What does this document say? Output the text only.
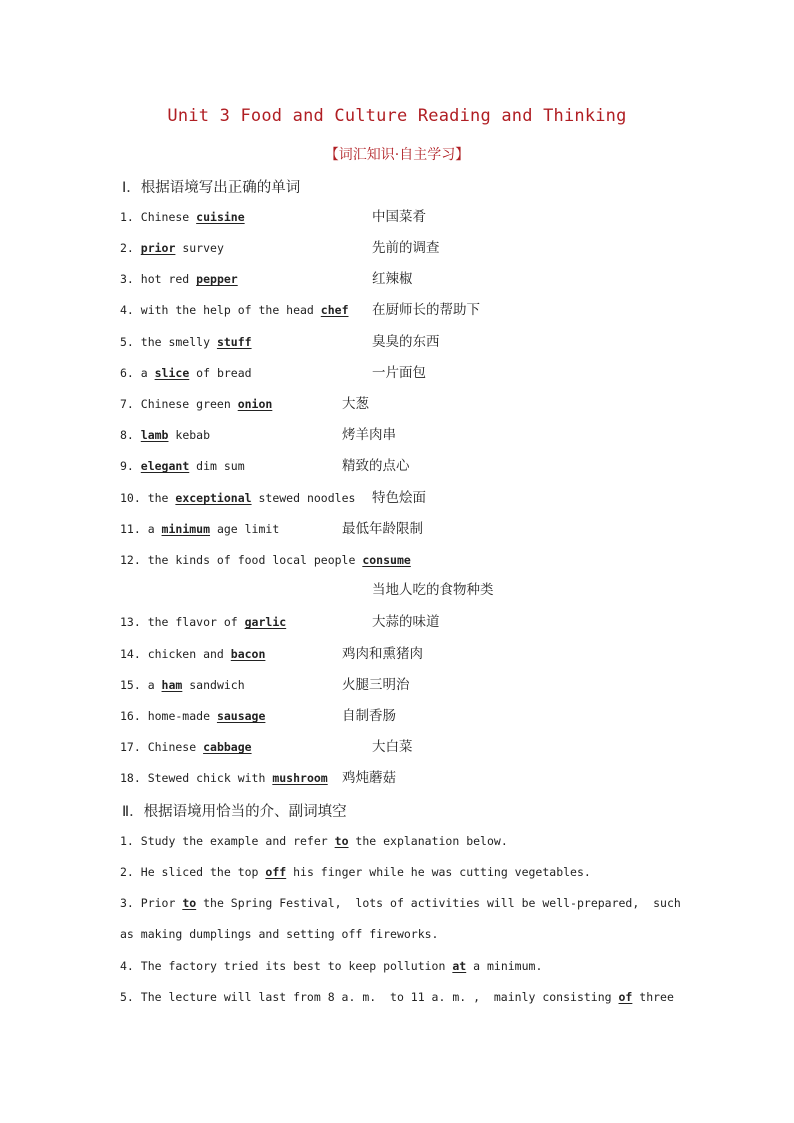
Unit 3 Food and Culture Reading and Thinking
【词汇知识·自主学习】
Ⅰ．根据语境写出正确的单词
1. Chinese cuisine	中国菜肴
2. prior survey	先前的调查
3. hot red pepper	红辣椒
4. with the help of the head chef 在厨师长的帮助下
5. the smelly stuff	臭臭的东西
6. a slice of bread	一片面包
7. Chinese green onion	大葱
8. lamb kebab	烤羊肉串
9. elegant dim sum	精致的点心
10. the exceptional stewed noodles 特色烩面
11. a minimum age limit	最低年龄限制
12. the kinds of food local people consume
当地人吃的食物种类
13. the flavor of garlic	大蒜的味道
14. chicken and bacon	鸡肉和熏猪肉
15. a ham sandwich	火腿三明治
16. home-made sausage	自制香肠
17. Chinese cabbage	大白菜
18. Stewed chick with mushroom 鸡炖蘑菇
Ⅱ．根据语境用恰当的介、副词填空
1. Study the example and refer to the explanation below.
2. He sliced the top off his finger while he was cutting vegetables.
3. Prior to the Spring Festival,  lots of activities will be well-prepared,  such
as making dumplings and setting off fireworks.
4. The factory tried its best to keep pollution at a minimum.
5. The lecture will last from 8 a. m.  to 11 a. m. ,  mainly consisting of three
